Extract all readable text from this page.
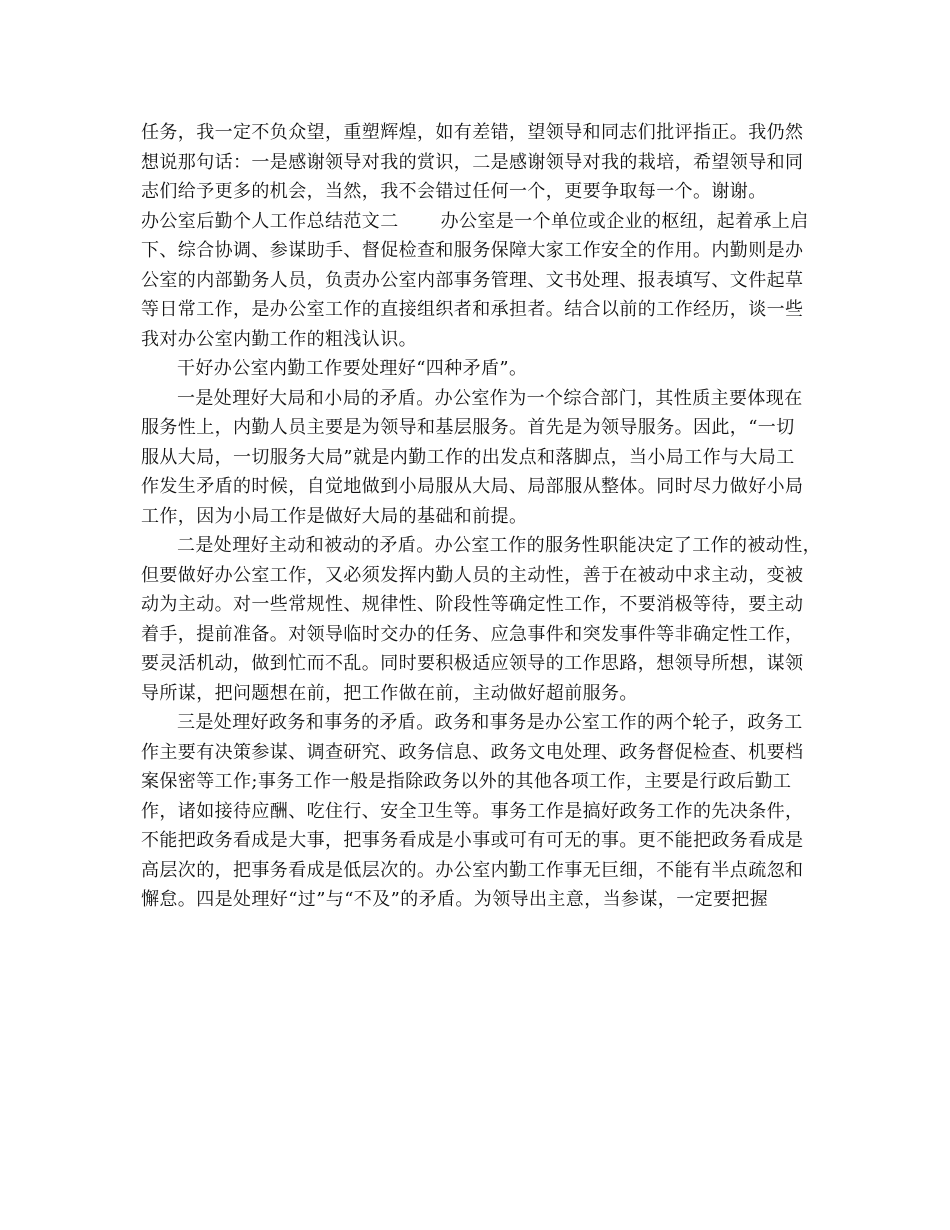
任务，我一定不负众望，重塑辉煌，如有差错，望领导和同志们批评指正。我仍然
想说那句话：一是感谢领导对我的赏识，二是感谢领导对我的栽培，希望领导和同
志们给予更多的机会，当然，我不会错过任何一个，更要争取每一个。谢谢。
办公室后勤个人工作总结范文二 办公室是一个单位或企业的枢纽，起着承上启
下、综合协调、参谋助手、督促检查和服务保障大家工作安全的作用。内勤则是办
公室的内部勤务人员，负责办公室内部事务管理、文书处理、报表填写、文件起草
等日常工作，是办公室工作的直接组织者和承担者。结合以前的工作经历，谈一些
我对办公室内勤工作的粗浅认识。
干好办公室内勤工作要处理好“四种矛盾”。
一是处理好大局和小局的矛盾。办公室作为一个综合部门，其性质主要体现在
服务性上，内勤人员主要是为领导和基层服务。首先是为领导服务。因此，“一切
服从大局，一切服务大局”就是内勤工作的出发点和落脚点，当小局工作与大局工
作发生矛盾的时候，自觉地做到小局服从大局、局部服从整体。同时尽力做好小局
工作，因为小局工作是做好大局的基础和前提。
二是处理好主动和被动的矛盾。办公室工作的服务性职能决定了工作的被动性，
但要做好办公室工作，又必须发挥内勤人员的主动性，善于在被动中求主动，变被
动为主动。对一些常规性、规律性、阶段性等确定性工作，不要消极等待，要主动
着手，提前准备。对领导临时交办的任务、应急事件和突发事件等非确定性工作，
要灵活机动，做到忙而不乱。同时要积极适应领导的工作思路，想领导所想，谋领
导所谋，把问题想在前，把工作做在前，主动做好超前服务。
三是处理好政务和事务的矛盾。政务和事务是办公室工作的两个轮子，政务工
作主要有决策参谋、调查研究、政务信息、政务文电处理、政务督促检查、机要档
案保密等工作;事务工作一般是指除政务以外的其他各项工作，主要是行政后勤工
作，诸如接待应酬、吃住行、安全卫生等。事务工作是搞好政务工作的先决条件，
不能把政务看成是大事，把事务看成是小事或可有可无的事。更不能把政务看成是
高层次的，把事务看成是低层次的。办公室内勤工作事无巨细，不能有半点疏忽和
懈怠。四是处理好“过”与“不及”的矛盾。为领导出主意，当参谋，一定要把握
